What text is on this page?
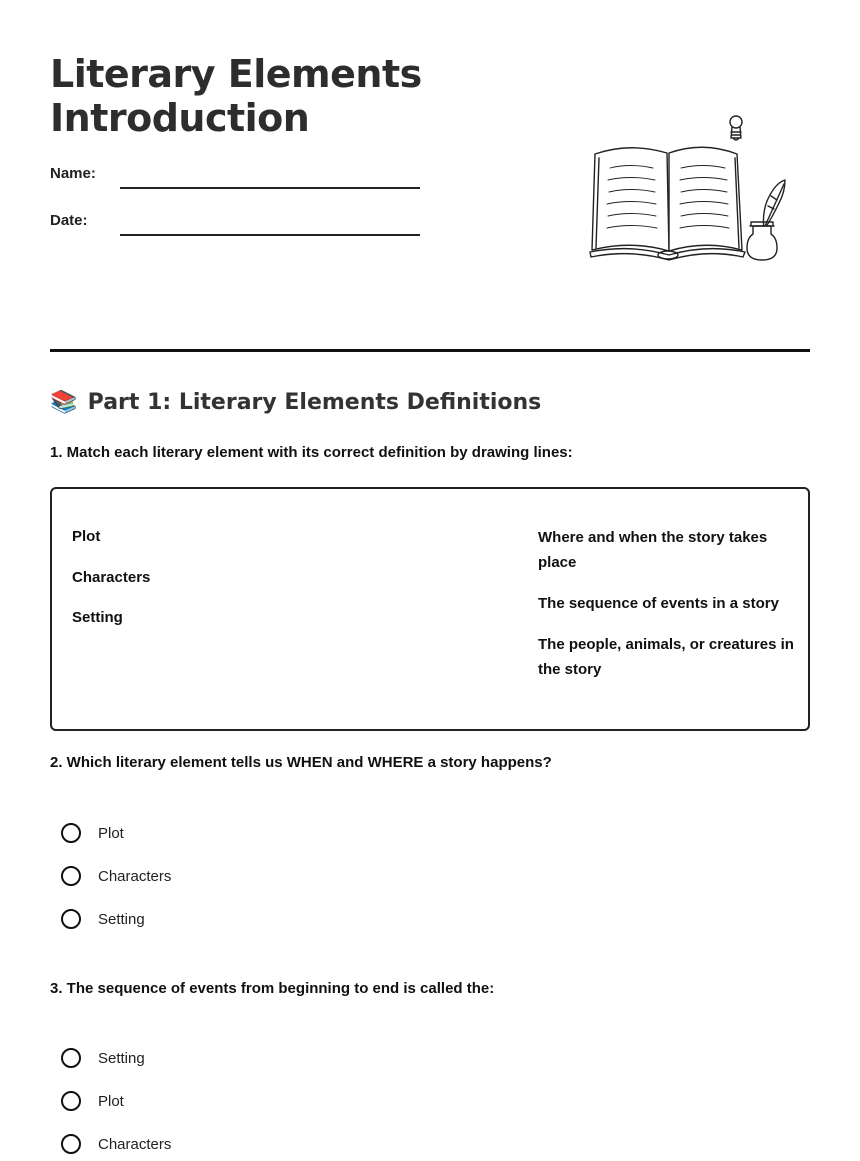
Literary Elements
Introduction
Name:
Date:
📚 Part 1: Literary Elements Definitions

1. Match each literary element with its correct definition by drawing lines:

Plot
Characters
Setting
Where and when the story takes place
The sequence of events in a story
The people, animals, or creatures in the story

2. Which literary element tells us WHEN and WHERE a story happens?

Plot
Characters
Setting

3. The sequence of events from beginning to end is called the:

Setting
Plot
Characters
